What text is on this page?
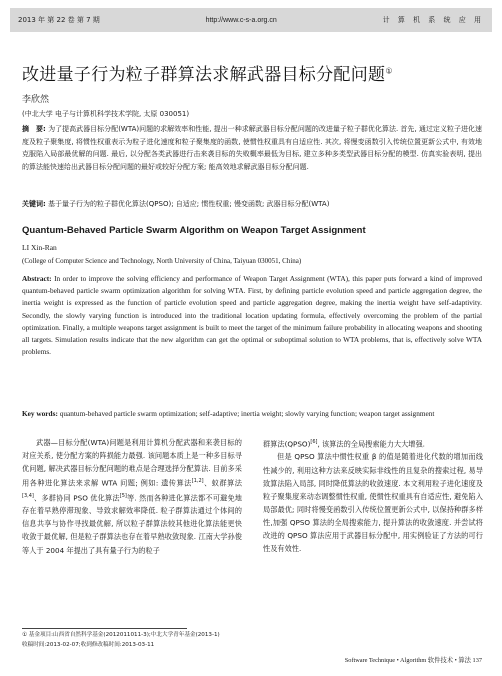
2013 年 第 22 卷 第 7 期	http://www.c-s-a.org.cn	计 算 机 系 统 应 用
改进量子行为粒子群算法求解武器目标分配问题①
李欣然
(中北大学 电子与计算机科学技术学院, 太原 030051)
摘　要: 为了提高武器目标分配(WTA)问题的求解效率和性能, 提出一种求解武器目标分配问题的改进量子粒子群优化算法. 首先, 通过定义粒子进化速度及粒子聚集度, 将惯性权重表示为粒子进化速度和粒子聚集度的函数, 使惯性权重具有自适应性. 其次, 将慢变函数引入传统位置更新公式中, 有效地克服陷入局部最优解的问题. 最后, 以分配各类武器进行击来袭目标的失败概率最低为目标, 建立多种多类型武器目标分配的模型. 仿真实验表明, 提出的算法能快速给出武器目标分配问题的最好或较好分配方案; 能高效地求解武器目标分配问题.
关键词: 基于量子行为的粒子群优化算法(QPSO); 自适应; 惯性权重; 慢变函数; 武器目标分配(WTA)
Quantum-Behaved Particle Swarm Algorithm on Weapon Target Assignment
LI Xin-Ran
(College of Computer Science and Technology, North University of China, Taiyuan 030051, China)
Abstract: In order to improve the solving efficiency and performance of Weapon Target Assignment (WTA), this paper puts forward a kind of improved quantum-behaved particle swarm optimization algorithm for solving WTA. First, by defining particle evolution speed and particle aggregation degree, the inertia weight is expressed as the function of particle evolution speed and particle aggregation degree, making the inertia weight have self-adaptivity. Secondly, the slowly varying function is introduced into the traditional location updating formula, effectively overcoming the problem of the partial optimization. Finally, a multiple weapons target assignment is built to meet the target of the minimum failure probability in allocating weapons and shooting all targets. Simulation results indicate that the new algorithm can get the optimal or suboptimal solution to WTA problems, that is, effectively solve WTA problems.
Key words: quantum-behaved particle swarm optimization; self-adaptive; inertia weight; slowly varying function; weapon target assignment

武器—目标分配(WTA)问题是利用计算机分配武器和来袭目标的对应关系, 使分配方案的阵损能力最强. 该问题本质上是一种多目标寻优问题, 解决武器目标分配问题的难点是合理选择分配算法. 目前多采用各种进化算法来求解 WTA 问题; 例如: 遗传算法[1,2]、蚁群算法[3,4]、多群协同 PSO 优化算法[5]等. 然而各种进化算法都不可避免地存在着早熟停滞现象、导致求解效率降低. 粒子群算法通过个体间的信息共享与协作寻找最优解, 所以粒子群算法较其他进化算法能更快收敛于最优解, 但是粒子群算法也存在着早熟收敛现象. 江南大学孙俊等人于 2004 年提出了具有量子行为的粒子

群算法(QPSO)[6], 该算法的全局搜索能力大大增强.

但是 QPSO 算法中惯性权重 β 的值是随着进化代数的增加而线性减少的, 利用这种方法来反映实际非线性的且复杂的搜索过程, 易导致算法陷入局部, 同时降低算法的收敛速度. 本文利用粒子进化速度及粒子聚集度来动态调整惯性权重, 使惯性权重具有自适应性, 避免陷入局部最优; 同时将慢变函数引入传统位置更新公式中, 以保持种群多样性,加强 QPSO 算法的全局搜索能力, 提升算法的收敛速度. 并尝试将改进的 QPSO 算法应用于武器目标分配中, 用实例验证了方法的可行性及有效性.

① 基金项目:山西省自然科学基金(2012011011-3);中北大学青年基金(2013-1)
收稿时间:2013-02-07;收到修改稿时间:2013-03-11
Software Technique • Algorithm 软件技术 • 算法 137
